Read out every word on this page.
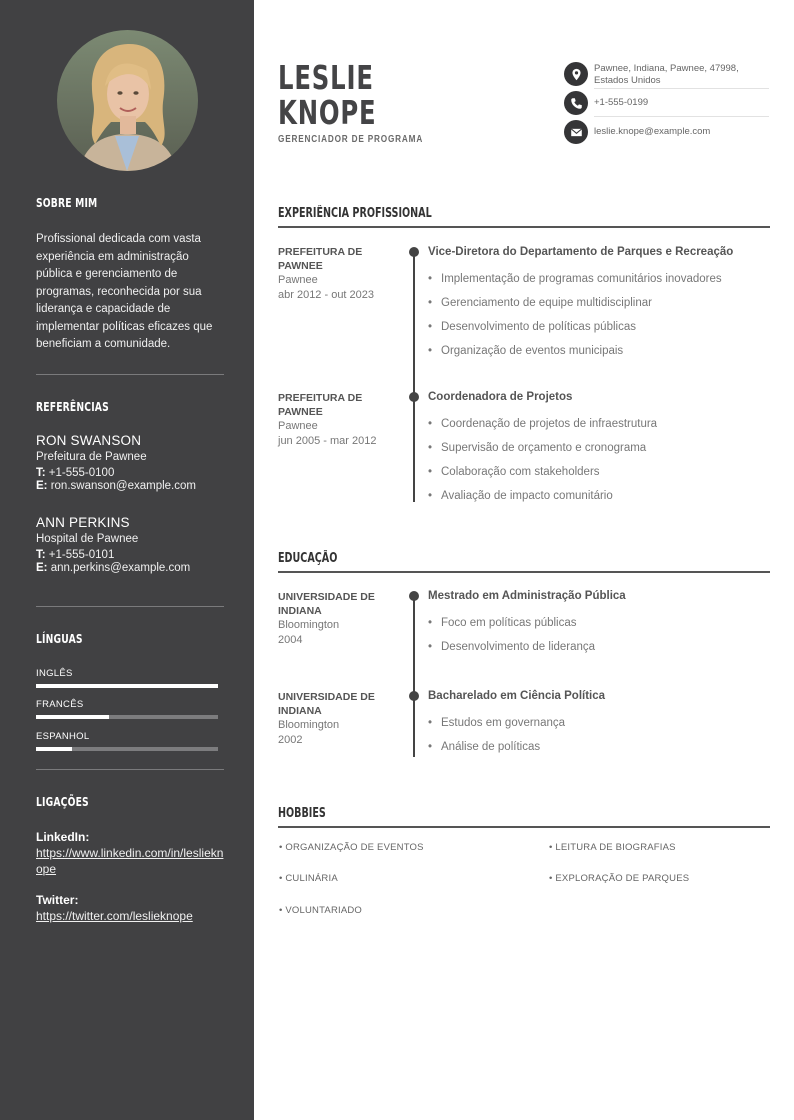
SOBRE MIM

Profissional dedicada com vasta experiência em administração pública e gerenciamento de programas, reconhecida por sua liderança e capacidade de implementar políticas eficazes que beneficiam a comunidade.

REFERÊNCIAS
RON SWANSON
Prefeitura de Pawnee
T: +1-555-0100
E: ron.swanson@example.com
ANN PERKINS
Hospital de Pawnee
T: +1-555-0101
E: ann.perkins@example.com
LÍNGUAS
INGLÊS
FRANCÊS
ESPANHOL
LIGAÇÕES
LinkedIn:
https://www.linkedin.com/in/leslieknope
Twitter:
https://twitter.com/leslieknope
LESLIE
KNOPE
GERENCIADOR DE PROGRAMA
Pawnee, Indiana, Pawnee, 47998, Estados Unidos
+1-555-0199
leslie.knope@example.com
EXPERIÊNCIA PROFISSIONAL
PREFEITURA DE PAWNEE
Pawnee
abr 2012 - out 2023
Vice-Diretora do Departamento de Parques e Recreação
• Implementação de programas comunitários inovadores
• Gerenciamento de equipe multidisciplinar
• Desenvolvimento de políticas públicas
• Organização de eventos municipais
PREFEITURA DE PAWNEE
Pawnee
jun 2005 - mar 2012
Coordenadora de Projetos
• Coordenação de projetos de infraestrutura
• Supervisão de orçamento e cronograma
• Colaboração com stakeholders
• Avaliação de impacto comunitário
EDUCAÇÃO
UNIVERSIDADE DE INDIANA
Bloomington
2004
Mestrado em Administração Pública
• Foco em políticas públicas
• Desenvolvimento de liderança
UNIVERSIDADE DE INDIANA
Bloomington
2002
Bacharelado em Ciência Política
• Estudos em governança
• Análise de políticas
HOBBIES
• ORGANIZAÇÃO DE EVENTOS	• LEITURA DE BIOGRAFIAS
• CULINÁRIA	• EXPLORAÇÃO DE PARQUES
• VOLUNTARIADO
